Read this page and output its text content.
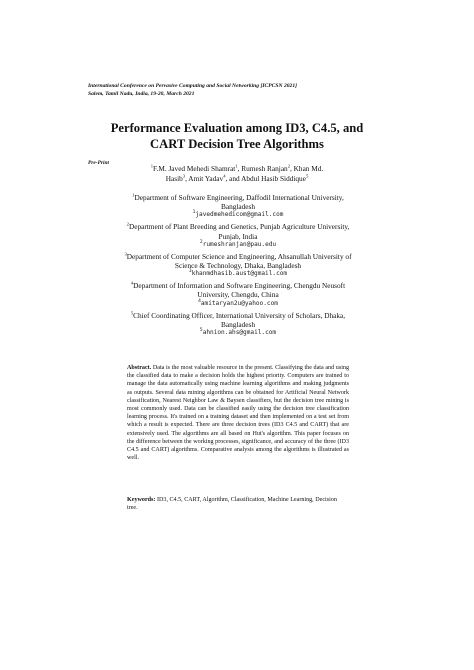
International Conference on Pervasive Computing and Social Networking [ICPCSN 2021]
Salem, Tamil Nadu, India, 19-20, March 2021
Performance Evaluation among ID3, C4.5, and
CART Decision Tree Algorithms
Pre-Print
$^1$F.M. Javed Mehedi Shamrat$^1$, Rumesh Ranjan$^2$, Khan Md.
Hasib$^3$, Amit Yadav$^4$, and Abdul Hasib Siddique$^5$
$^1$Department of Software Engineering, Daffodil International University,
Bangladesh
$^1$javedmehedicom@gmail.com
$^2$Department of Plant Breeding and Genetics, Punjab Agriculture University,
Punjab, India
$^2$rumeshranjan@pau.edu
$^3$Department of Computer Science and Engineering, Ahsanullah University of
Science & Technology, Dhaka, Bangladesh
$^3$khanmdhasib.aust@gmail.com
$^4$Department of Information and Software Engineering, Chengdu Neusoft
University, Chengdu, China
$^4$amitaryan2u@yahoo.com
$^5$Chief Coordinating Officer, International University of Scholars, Dhaka,
Bangladesh
$^5$ahnion.ahs@gmail.com
Abstract. Data is the most valuable resource in the present. Classifying the data and using the classified data to make a decision holds the highest priority. Computers are trained to manage the data automatically using machine learning algorithms and making judgments as outputs. Several data mining algorithms can be obtained for Artificial Neural Network classification, Nearest Neighbor Law & Baysen classifiers, but the decision tree mining is most commonly used. Data can be classified easily using the decision tree classification learning process. It's trained on a training dataset and then implemented on a test set from which a result is expected. There are three decision trees (ID3 C4.5 and CART) that are extensively used. The algorithms are all based on Hut's algorithm. This paper focuses on the difference between the working processes, significance, and accuracy of the three (ID3 C4.5 and CART) algorithms. Comparative analysis among the algorithms is illustrated as well.
Keywords: ID3, C4.5, CART, Algorithm, Classification, Machine Learning, Decision tree.
